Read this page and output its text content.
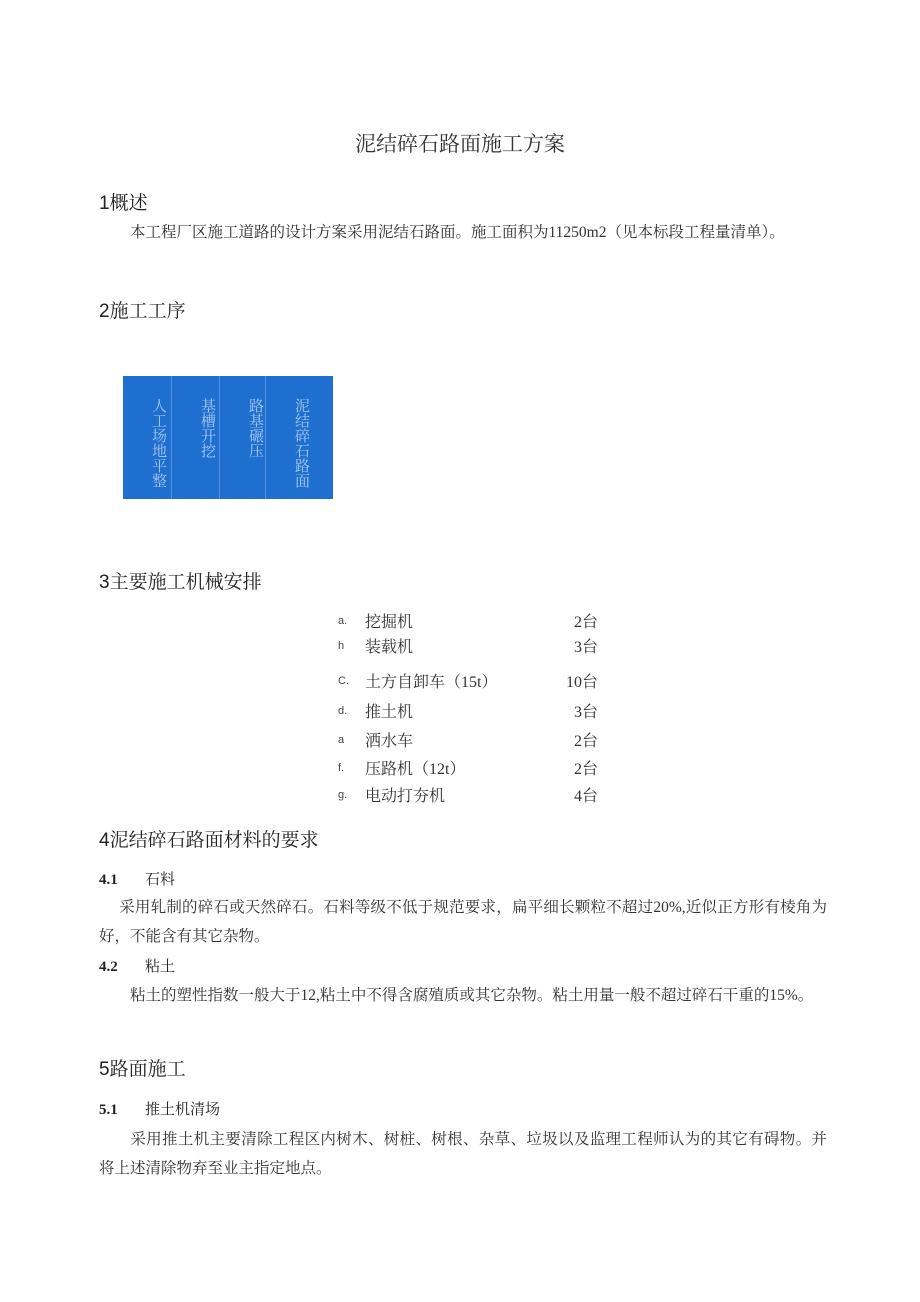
泥结碎石路面施工方案
1概述

本工程厂区施工道路的设计方案采用泥结石路面。施工面积为11250m2（见本标段工程量清单）。

2施工工序
人工场地平整 基槽开挖 路基碾压 泥结碎石路面
3主要施工机械安排
a. 挖掘机	2台
h 装载机	3台
C. 土方自卸车（15t）	10台
d. 推土机	3台
a 洒水车	2台
f. 压路机（12t）	2台
g. 电动打夯机	4台
4泥结碎石路面材料的要求
4.1 石料

采用轧制的碎石或天然碎石。石料等级不低于规范要求，扁平细长颗粒不超过20%,近似正方形有棱角为好，不能含有其它杂物。

4.2 粘土

粘土的塑性指数一般大于12,粘土中不得含腐殖质或其它杂物。粘土用量一般不超过碎石干重的15%。

5路面施工
5.1 推土机清场

采用推土机主要清除工程区内树木、树桩、树根、杂草、垃圾以及监理工程师认为的其它有碍物。并将上述清除物弃至业主指定地点。
